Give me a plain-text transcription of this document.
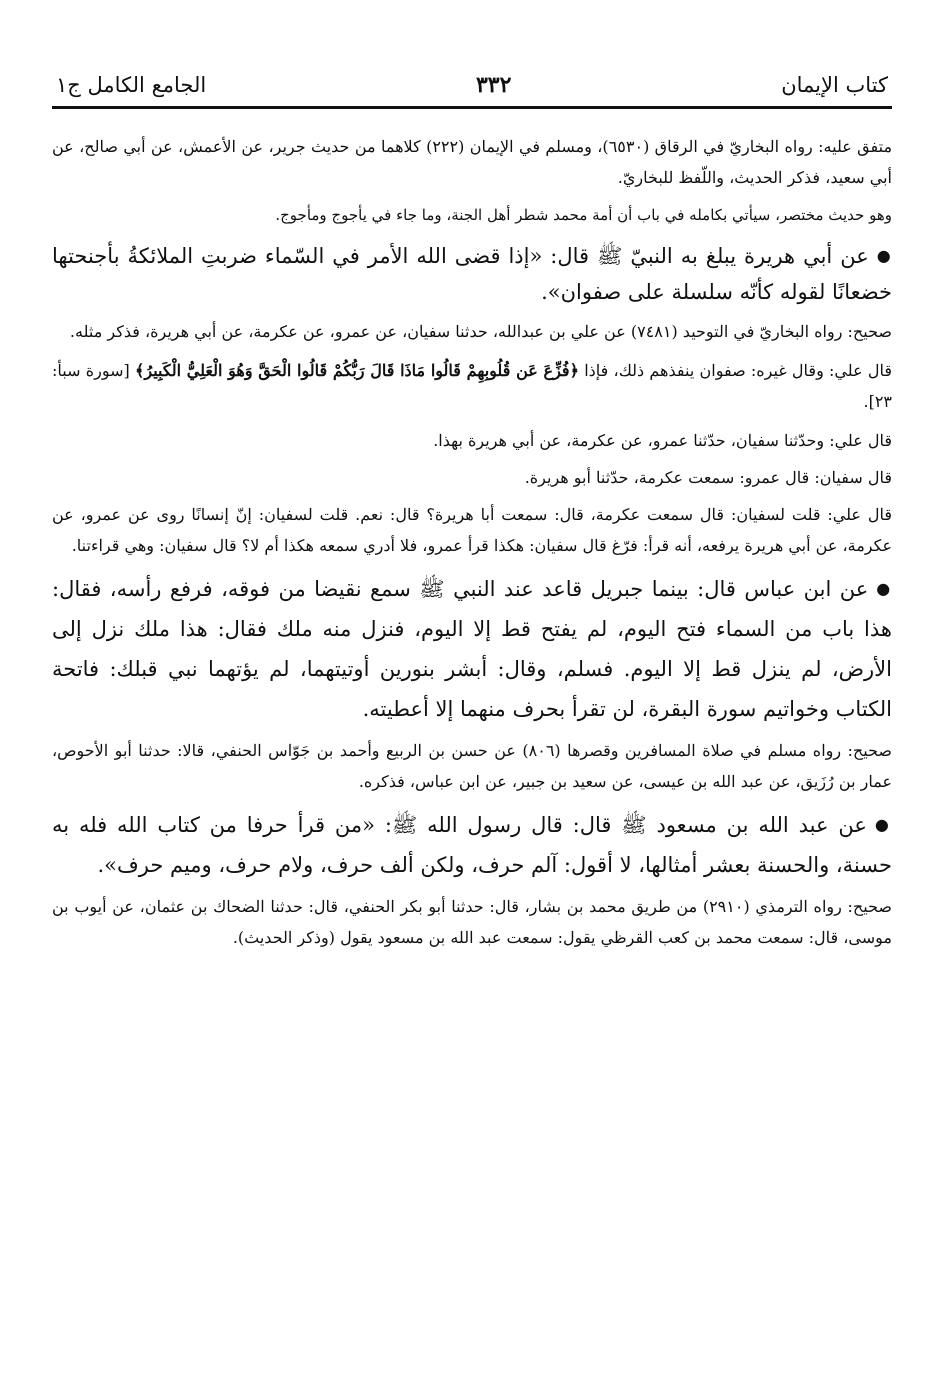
كتاب الإيمان
٣٣٢
الجامع الكامل ج١

متفق عليه: رواه البخاريّ في الرقاق (٦٥٣٠)، ومسلم في الإيمان (٢٢٢) كلاهما من حديث جرير، عن الأعمش، عن أبي صالح، عن أبي سعيد، فذكر الحديث، واللّفظ للبخاريّ.

وهو حديث مختصر، سيأتي بكامله في باب أن أمة محمد شطر أهل الجنة، وما جاء في يأجوج ومأجوج.

●عن أبي هريرة يبلغ به النبيّ ﷺ قال: «إذا قضى الله الأمر في السّماء ضربتِ الملائكةُ بأجنحتها خضعانًا لقوله كأنّه سلسلة على صفوان».

صحيح: رواه البخاريّ في التوحيد (٧٤٨١) عن علي بن عبدالله، حدثنا سفيان، عن عمرو، عن عكرمة، عن أبي هريرة، فذكر مثله.

قال علي: وقال غيره: صفوان ينفذهم ذلك، فإذا ﴿فُزِّعَ عَن قُلُوبِهِمْ قَالُوا مَاذَا قَالَ رَبُّكُمْ قَالُوا الْحَقَّ وَهُوَ الْعَلِيُّ الْكَبِيرُ﴾ [سورة سبأ: ٢٣].

قال علي: وحدّثنا سفيان، حدّثنا عمرو، عن عكرمة، عن أبي هريرة بهذا.

قال سفيان: قال عمرو: سمعت عكرمة، حدّثنا أبو هريرة.

قال علي: قلت لسفيان: قال سمعت عكرمة، قال: سمعت أبا هريرة؟ قال: نعم. قلت لسفيان: إنّ إنسانًا روى عن عمرو، عن عكرمة، عن أبي هريرة يرفعه، أنه قرأ: فرّغ قال سفيان: هكذا قرأ عمرو، فلا أدري سمعه هكذا أم لا؟ قال سفيان: وهي قراءتنا.

●عن ابن عباس قال: بينما جبريل قاعد عند النبي ﷺ سمع نقيضا من فوقه، فرفع رأسه، فقال: هذا باب من السماء فتح اليوم، لم يفتح قط إلا اليوم، فنزل منه ملك فقال: هذا ملك نزل إلى الأرض، لم ينزل قط إلا اليوم. فسلم، وقال: أبشر بنورين أوتيتهما، لم يؤتهما نبي قبلك: فاتحة الكتاب وخواتيم سورة البقرة، لن تقرأ بحرف منهما إلا أعطيته.

صحيح: رواه مسلم في صلاة المسافرين وقصرها (٨٠٦) عن حسن بن الربيع وأحمد بن جَوّاس الحنفي، قالا: حدثنا أبو الأحوص، عمار بن رُزَيق، عن عبد الله بن عيسى، عن سعيد بن جبير، عن ابن عباس، فذكره.

●عن عبد الله بن مسعود ﷺ قال: قال رسول الله ﷺ: «من قرأ حرفا من كتاب الله فله به حسنة، والحسنة بعشر أمثالها، لا أقول: آلم حرف، ولكن ألف حرف، ولام حرف، وميم حرف».

صحيح: رواه الترمذي (٢٩١٠) من طريق محمد بن بشار، قال: حدثنا أبو بكر الحنفي، قال: حدثنا الضحاك بن عثمان، عن أيوب بن موسى، قال: سمعت محمد بن كعب القرظي يقول: سمعت عبد الله بن مسعود يقول (وذكر الحديث).
